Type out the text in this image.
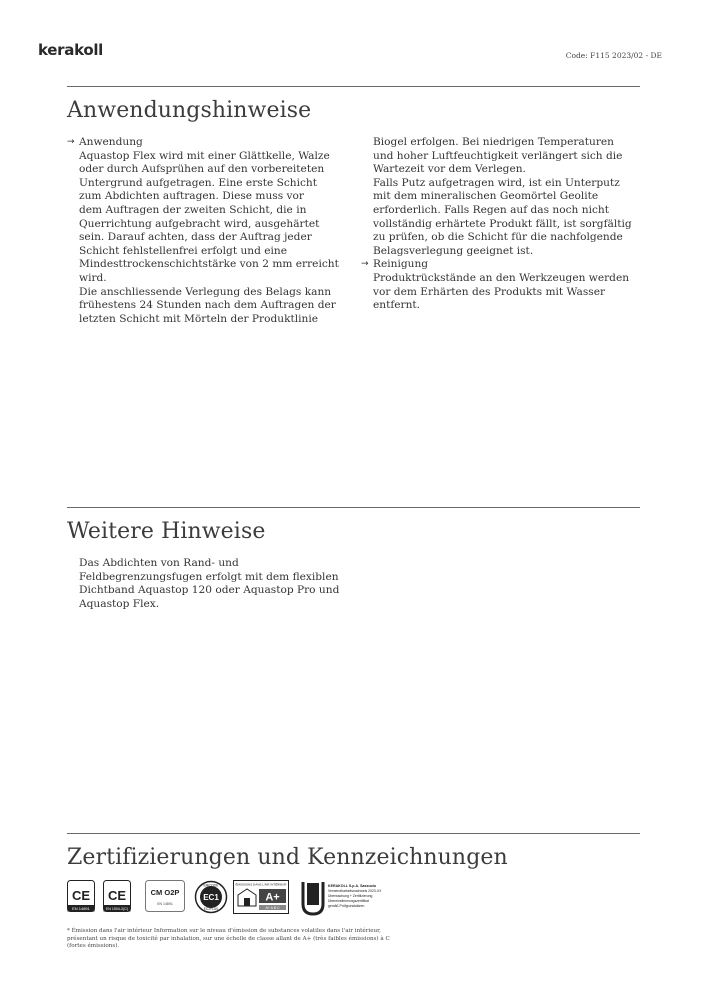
kerakoll	Code: F115 2023/02 - DE
Anwendungshinweise
→ Anwendung

Aquastop Flex wird mit einer Glättkelle, Walze

oder durch Aufsprühen auf den vorbereiteten

Untergrund aufgetragen. Eine erste Schicht

zum Abdichten auftragen. Diese muss vor

dem Auftragen der zweiten Schicht, die in

Querrichtung aufgebracht wird, ausgehärtet

sein. Darauf achten, dass der Auftrag jeder

Schicht fehlstellenfrei erfolgt und eine

Mindesttrockenschichtstärke von 2 mm erreicht

wird.

Die anschliessende Verlegung des Belags kann

frühestens 24 Stunden nach dem Auftragen der

letzten Schicht mit Mörteln der Produktlinie

Biogel erfolgen. Bei niedrigen Temperaturen

und hoher Luftfeuchtigkeit verlängert sich die

Wartezeit vor dem Verlegen.

Falls Putz aufgetragen wird, ist ein Unterputz

mit dem mineralischen Geomörtel Geolite

erforderlich. Falls Regen auf das noch nicht

vollständig erhärtete Produkt fällt, ist sorgfältig

zu prüfen, ob die Schicht für die nachfolgende

Belagsverlegung geeignet ist.

→ Reinigung

Produktrückstände an den Werkzeugen werden

vor dem Erhärten des Produkts mit Wasser

entfernt.

Weitere Hinweise

Das Abdichten von Rand- und

Feldbegrenzungsfugen erfolgt mit dem flexiblen

Dichtband Aquastop 120 oder Aquastop Pro und

Aquastop Flex.

Zertifizierungen und Kennzeichnungen
CE
EN 14891
CE
EN 1504-2(C)
CM O2P
EN 14891
EC1
EMICODE
EC1PLUS
ÉMISSIONS DANS L'AIR INTÉRIEUR
A+
A+ A B C
KERAKOLL S.p.A. Sassuolo
Verwendbarkeitsnachweis 2023-XX
Überwachung + Zertifizierung
Übereinstimmungszertifikat
gemäß Prüfgrundsätzen
* Émission dans l'air intérieur Information sur le niveau d'émission de substances volatiles dans l'air intérieur, présentant un risque de toxicité par inhalation, sur une échelle de classe allant de A+ (très faibles émissions) à C (fortes émissions).
